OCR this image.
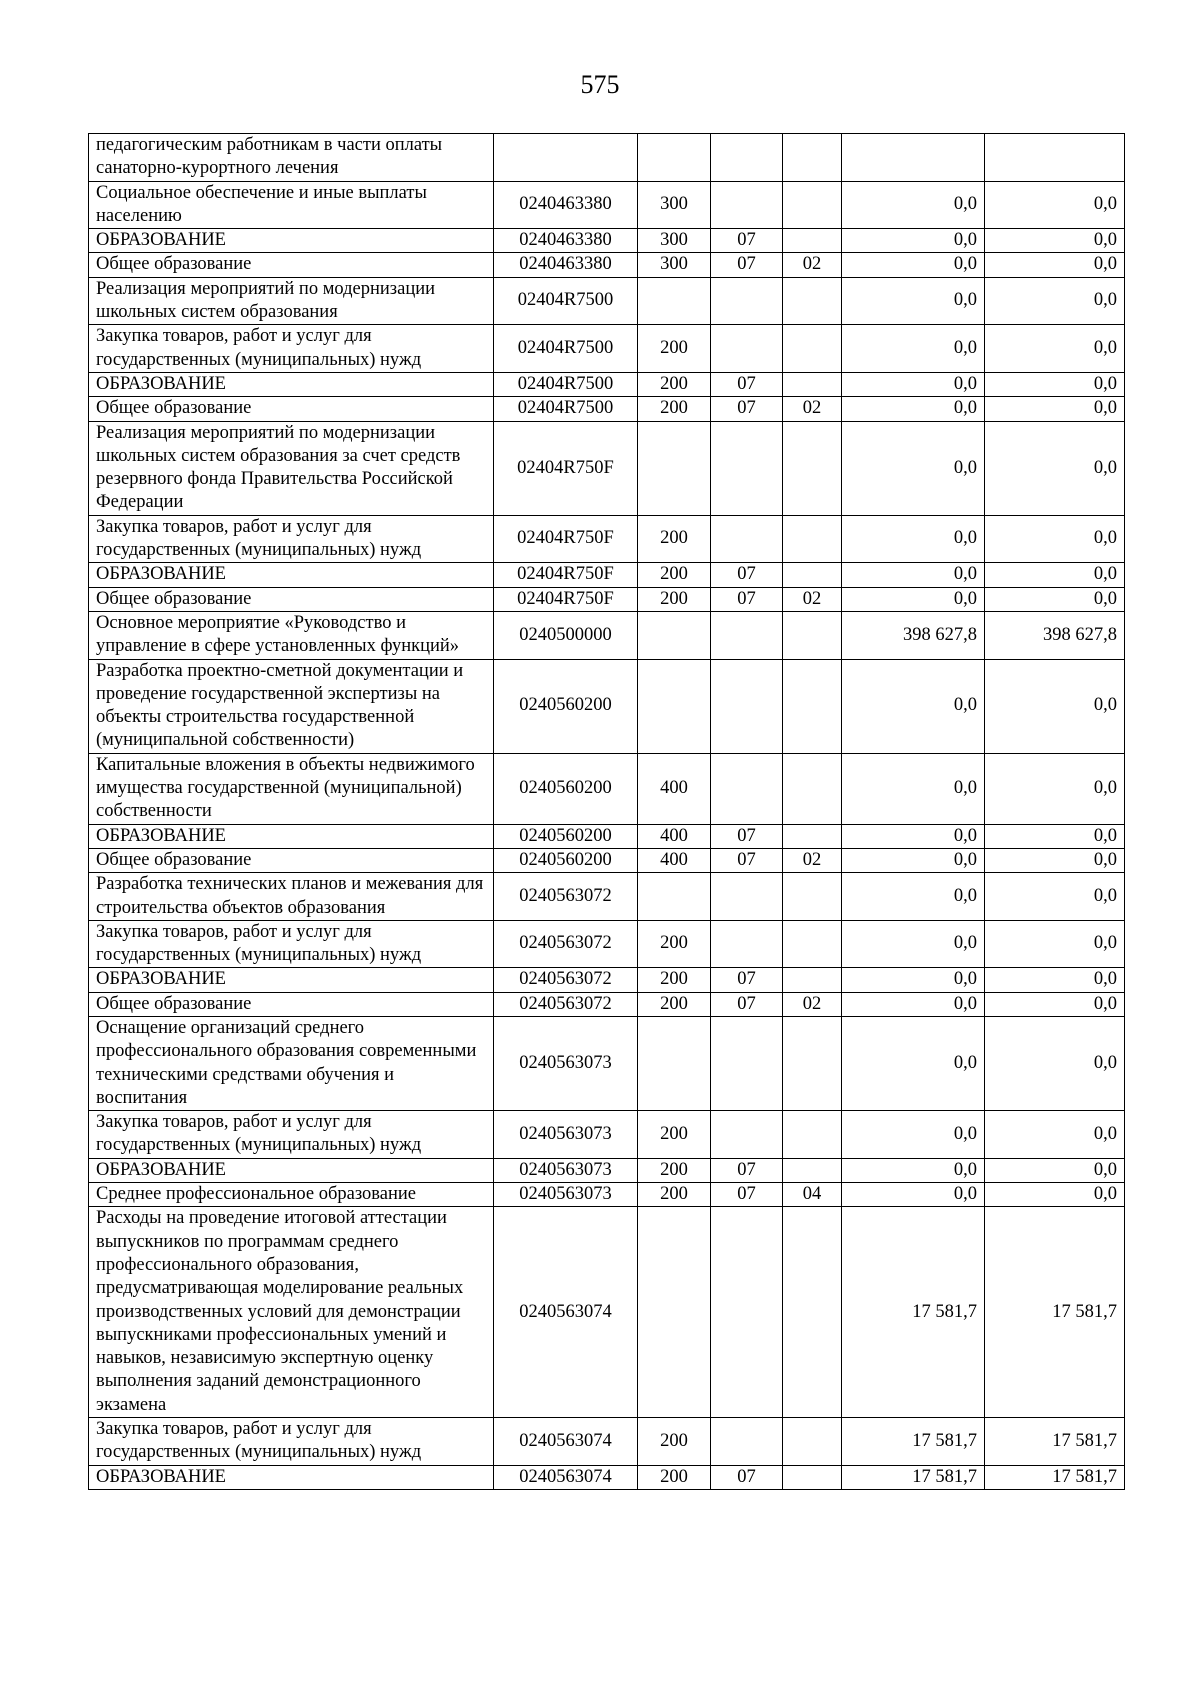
575
педагогическим работникам в части оплаты санаторно-курортного лечения						
Социальное обеспечение и иные выплаты населению	0240463380	300			0,0	0,0
ОБРАЗОВАНИЕ	0240463380	300	07		0,0	0,0
Общее образование	0240463380	300	07	02	0,0	0,0
Реализация мероприятий по модернизации школьных систем образования	02404R7500				0,0	0,0
Закупка товаров, работ и услуг для государственных (муниципальных) нужд	02404R7500	200			0,0	0,0
ОБРАЗОВАНИЕ	02404R7500	200	07		0,0	0,0
Общее образование	02404R7500	200	07	02	0,0	0,0
Реализация мероприятий по модернизации школьных систем образования за счет средств резервного фонда Правительства Российской Федерации	02404R750F				0,0	0,0
Закупка товаров, работ и услуг для государственных (муниципальных) нужд	02404R750F	200			0,0	0,0
ОБРАЗОВАНИЕ	02404R750F	200	07		0,0	0,0
Общее образование	02404R750F	200	07	02	0,0	0,0
Основное мероприятие «Руководство и управление в сфере установленных функций»	0240500000				398 627,8	398 627,8
Разработка проектно-сметной документации и проведение государственной экспертизы на объекты строительства государственной (муниципальной собственности)	0240560200				0,0	0,0
Капитальные вложения в объекты недвижимого имущества государственной (муниципальной) собственности	0240560200	400			0,0	0,0
ОБРАЗОВАНИЕ	0240560200	400	07		0,0	0,0
Общее образование	0240560200	400	07	02	0,0	0,0
Разработка технических планов и межевания для строительства объектов образования	0240563072				0,0	0,0
Закупка товаров, работ и услуг для государственных (муниципальных) нужд	0240563072	200			0,0	0,0
ОБРАЗОВАНИЕ	0240563072	200	07		0,0	0,0
Общее образование	0240563072	200	07	02	0,0	0,0
Оснащение организаций среднего профессионального образования современными техническими средствами обучения и воспитания	0240563073				0,0	0,0
Закупка товаров, работ и услуг для государственных (муниципальных) нужд	0240563073	200			0,0	0,0
ОБРАЗОВАНИЕ	0240563073	200	07		0,0	0,0
Среднее профессиональное образование	0240563073	200	07	04	0,0	0,0
Расходы на проведение итоговой аттестации выпускников по программам среднего профессионального образования, предусматривающая моделирование реальных производственных условий для демонстрации выпускниками профессиональных умений и навыков, независимую экспертную оценку выполнения заданий демонстрационного экзамена	0240563074				17 581,7	17 581,7
Закупка товаров, работ и услуг для государственных (муниципальных) нужд	0240563074	200			17 581,7	17 581,7
ОБРАЗОВАНИЕ	0240563074	200	07		17 581,7	17 581,7
